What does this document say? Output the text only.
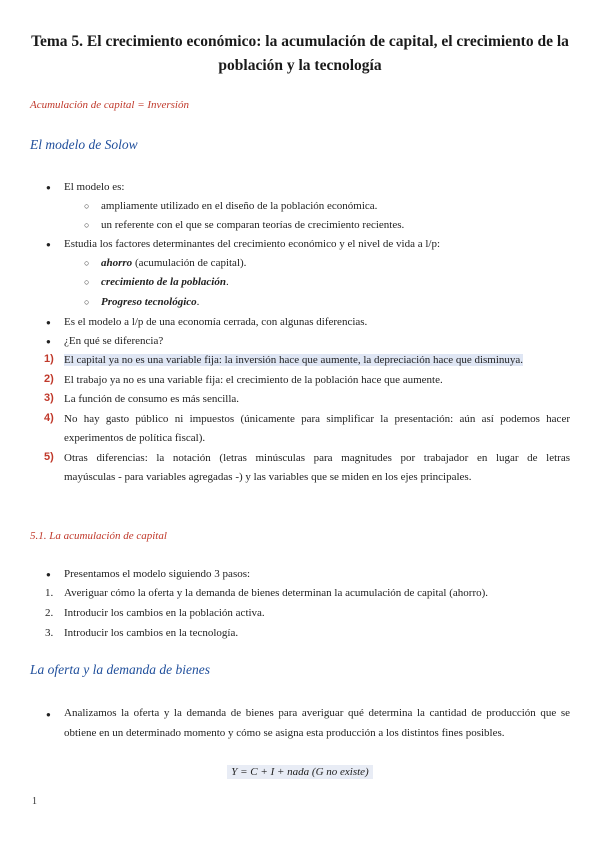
Tema 5. El crecimiento económico: la acumulación de capital, el crecimiento de la
población y la tecnología
Acumulación de capital = Inversión
El modelo de Solow
● El modelo es:
○ ampliamente utilizado en el diseño de la población económica.
○ un referente con el que se comparan teorías de crecimiento recientes.
● Estudia los factores determinantes del crecimiento económico y el nivel de vida a l/p:
○ ahorro (acumulación de capital).
○ crecimiento de la población.
○ Progreso tecnológico.
● Es el modelo a l/p de una economía cerrada, con algunas diferencias.
● ¿En qué se diferencia?
1) El capital ya no es una variable fija: la inversión hace que aumente, la depreciación hace que disminuya.
2) El trabajo ya no es una variable fija: el crecimiento de la población hace que aumente.
3) La función de consumo es más sencilla.
4) No hay gasto público ni impuestos (únicamente para simplificar la presentación: aún así podemos hacer
experimentos de política fiscal).
5) Otras diferencias: la notación (letras minúsculas para magnitudes por trabajador en lugar de letras
mayúsculas - para variables agregadas -) y las variables que se miden en los ejes principales.
5.1. La acumulación de capital
● Presentamos el modelo siguiendo 3 pasos:
1. Averiguar cómo la oferta y la demanda de bienes determinan la acumulación de capital (ahorro).
2. Introducir los cambios en la población activa.
3. Introducir los cambios en la tecnología.
La oferta y la demanda de bienes
● Analizamos la oferta y la demanda de bienes para averiguar qué determina la cantidad de producción que se obtiene en un determinado momento y cómo se asigna esta producción a los distintos fines posibles.
Y = C + I + nada (G no existe)
1
